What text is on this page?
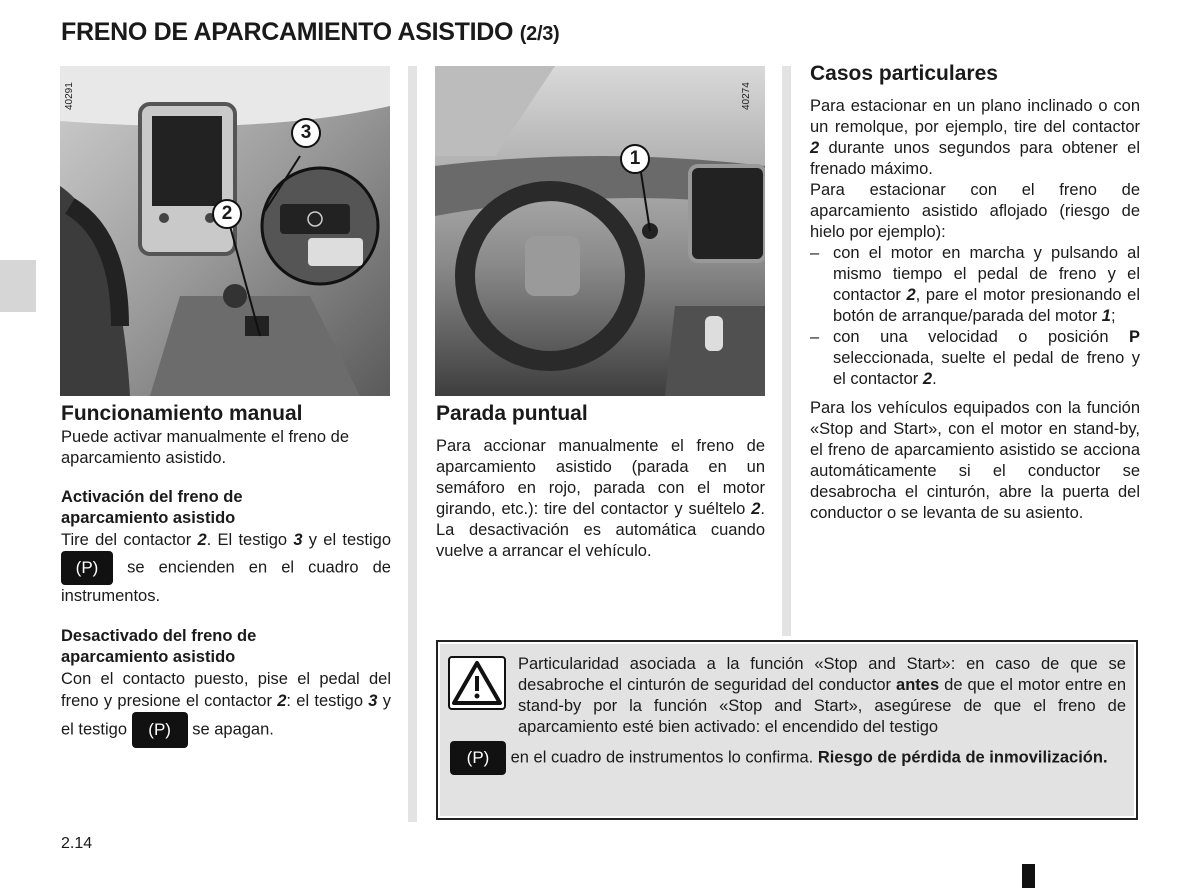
FRENO DE APARCAMIENTO ASISTIDO (2/3)
40291
3
2
40274
1
Funcionamiento manual

Puede activar manualmente el freno de aparcamiento asistido.

Activación del freno de aparcamiento asistido

Tire del contactor 2. El testigo 3 y el testigo (P) se encienden en el cuadro de instrumentos.

Desactivado del freno de aparcamiento asistido

Con el contacto puesto, pise el pedal del freno y presione el contactor 2: el testigo 3 y el testigo (P) se apagan.

Parada puntual

Para accionar manualmente el freno de aparcamiento asistido (parada en un semáforo en rojo, parada con el motor girando, etc.): tire del contactor y suéltelo 2. La desactivación es automática cuando vuelve a arrancar el vehículo.

Casos particulares

Para estacionar en un plano inclinado o con un remolque, por ejemplo, tire del contactor 2 durante unos segundos para obtener el frenado máximo.

Para estacionar con el freno de aparcamiento asistido aflojado (riesgo de hielo por ejemplo):

– con el motor en marcha y pulsando al mismo tiempo el pedal de freno y el contactor 2, pare el motor presionando el botón de arranque/parada del motor 1;
– con una velocidad o posición P seleccionada, suelte el pedal de freno y el contactor 2.

Para los vehículos equipados con la función «Stop and Start», con el motor en stand-by, el freno de aparcamiento asistido se acciona automáticamente si el conductor se desabrocha el cinturón, abre la puerta del conductor o se levanta de su asiento.

Particularidad asociada a la función «Stop and Start»: en caso de que se desabroche el cinturón de seguridad del conductor antes de que el motor entre en stand-by por la función «Stop and Start», asegúrese de que el freno de aparcamiento esté bien activado: el encendido del testigo

(P) en el cuadro de instrumentos lo confirma. Riesgo de pérdida de inmovilización.

2.14
